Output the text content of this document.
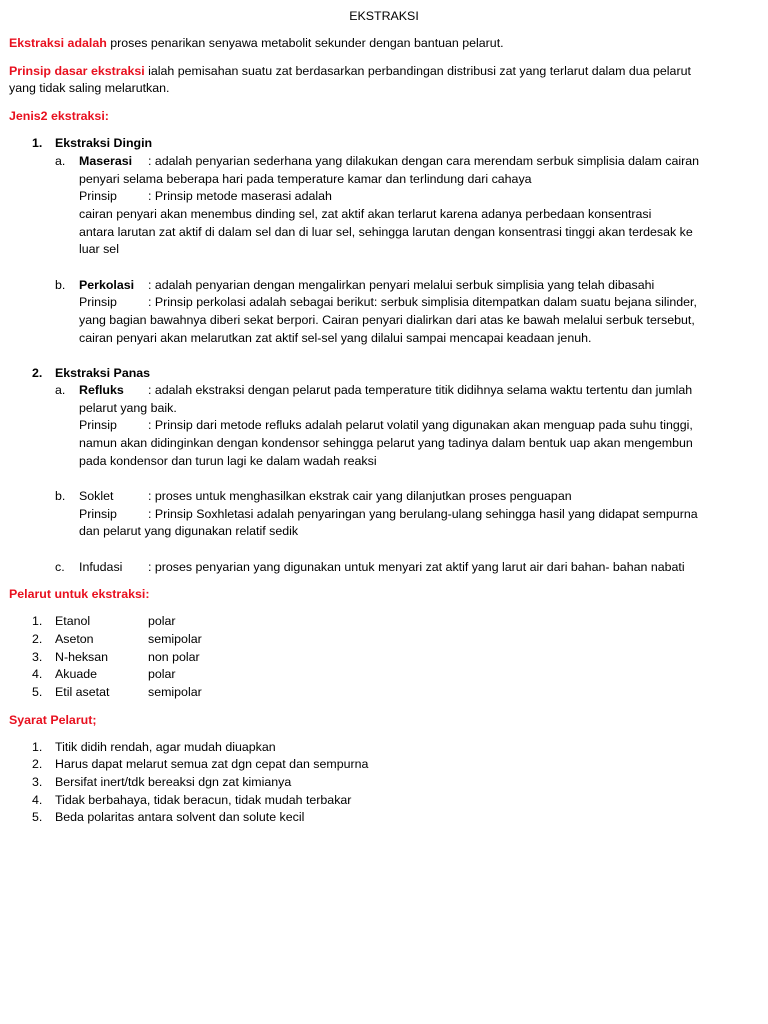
EKSTRAKSI
Ekstraksi adalah proses penarikan senyawa metabolit sekunder dengan bantuan pelarut.
Prinsip dasar ekstraksi ialah pemisahan suatu zat berdasarkan perbandingan distribusi zat yang terlarut dalam dua pelarut
yang tidak saling melarutkan.
Jenis2 ekstraksi:
1. Ekstraksi Dingin
a. Maserasi : adalah penyarian sederhana yang dilakukan dengan cara merendam serbuk simplisia dalam cairan
penyari selama beberapa hari pada temperature kamar dan terlindung dari cahaya
Prinsip	: Prinsip metode maserasi adalah
cairan penyari akan menembus dinding sel, zat aktif akan terlarut karena adanya perbedaan konsentrasi
antara larutan zat aktif di dalam sel dan di luar sel, sehingga larutan dengan konsentrasi tinggi akan terdesak ke
luar sel
b. Perkolasi : adalah penyarian dengan mengalirkan penyari melalui serbuk simplisia yang telah dibasahi
Prinsip	: Prinsip perkolasi adalah sebagai berikut: serbuk simplisia ditempatkan dalam suatu bejana silinder,
yang bagian bawahnya diberi sekat berpori. Cairan penyari dialirkan dari atas ke bawah melalui serbuk tersebut,
cairan penyari akan melarutkan zat aktif sel-sel yang dilalui sampai mencapai keadaan jenuh.
2. Ekstraksi Panas
a. Refluks : adalah ekstraksi dengan pelarut pada temperature titik didihnya selama waktu tertentu dan jumlah
pelarut yang baik.
Prinsip	: Prinsip dari metode refluks adalah pelarut volatil yang digunakan akan menguap pada suhu tinggi,
namun akan didinginkan dengan kondensor sehingga pelarut yang tadinya dalam bentuk uap akan mengembun
pada kondensor dan turun lagi ke dalam wadah reaksi
b. Soklet	: proses untuk menghasilkan ekstrak cair yang dilanjutkan proses penguapan
Prinsip	: Prinsip Soxhletasi adalah penyaringan yang berulang-ulang sehingga hasil yang didapat sempurna
dan pelarut yang digunakan relatif sedik
c. Infudasi : proses penyarian yang digunakan untuk menyari zat aktif yang larut air dari bahan- bahan nabati
Pelarut untuk ekstraksi:
1. Etanol	polar
2. Aseton	semipolar
3. N-heksan	non polar
4. Akuade	polar
5. Etil asetat	semipolar
Syarat Pelarut;
1. Titik didih rendah, agar mudah diuapkan
2. Harus dapat melarut semua zat dgn cepat dan sempurna
3. Bersifat inert/tdk bereaksi dgn zat kimianya
4. Tidak berbahaya, tidak beracun, tidak mudah terbakar
5. Beda polaritas antara solvent dan solute kecil
